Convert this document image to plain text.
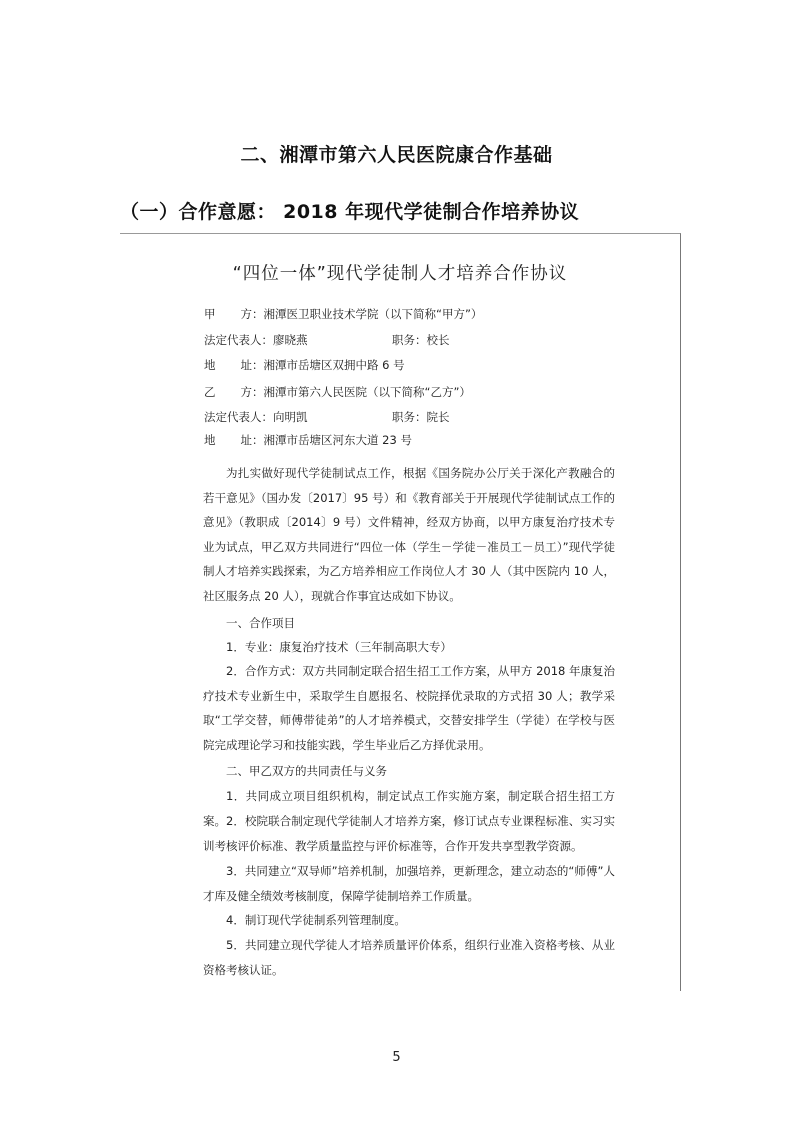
二、湘潭市第六人民医院康合作基础
（一）合作意愿： 2018 年现代学徒制合作培养协议
“四位一体”现代学徒制人才培养合作协议
甲方：湘潭医卫职业技术学院（以下简称“甲方”）
法定代表人：廖晓燕	职务：校长
地址：湘潭市岳塘区双拥中路 6 号
乙方：湘潭市第六人民医院（以下简称“乙方”）
法定代表人：向明凯	职务：院长
地址：湘潭市岳塘区河东大道 23 号

为扎实做好现代学徒制试点工作，根据《国务院办公厅关于深化产教融合的若干意见》（国办发〔2017〕95 号）和《教育部关于开展现代学徒制试点工作的意见》（教职成〔2014〕9 号）文件精神，经双方协商，以甲方康复治疗技术专业为试点，甲乙双方共同进行“四位一体（学生－学徒－准员工－员工）”现代学徒制人才培养实践探索，为乙方培养相应工作岗位人才 30 人（其中医院内 10 人，社区服务点 20 人），现就合作事宜达成如下协议。

一、合作项目

1．专业：康复治疗技术（三年制高职大专）

2．合作方式：双方共同制定联合招生招工工作方案，从甲方 2018 年康复治疗技术专业新生中，采取学生自愿报名、校院择优录取的方式招 30 人；教学采取“工学交替，师傅带徒弟”的人才培养模式，交替安排学生（学徒）在学校与医院完成理论学习和技能实践，学生毕业后乙方择优录用。

二、甲乙双方的共同责任与义务

1．共同成立项目组织机构，制定试点工作实施方案，制定联合招生招工方案。 2．校院联合制定现代学徒制人才培养方案，修订试点专业课程标准、实习实训考核评价标准、教学质量监控与评价标准等，合作开发共享型教学资源。

3．共同建立“双导师”培养机制，加强培养，更新理念，建立动态的“师傅”人才库及健全绩效考核制度，保障学徒制培养工作质量。

4．制订现代学徒制系列管理制度。

5．共同建立现代学徒人才培养质量评价体系，组织行业准入资格考核、从业资格考核认证。

5
